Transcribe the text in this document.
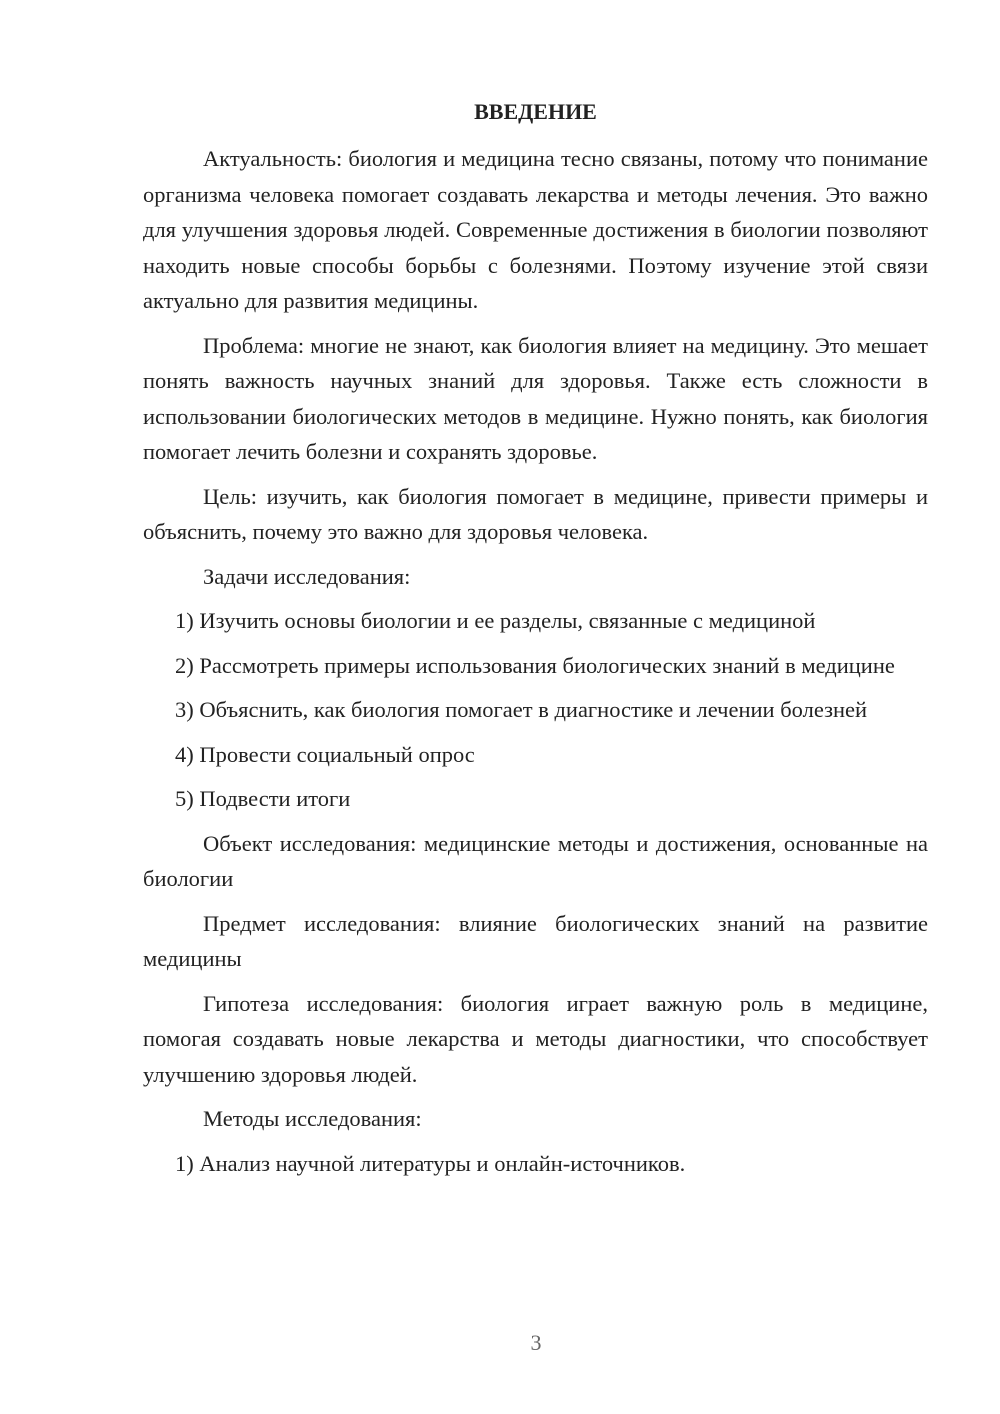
ВВЕДЕНИЕ

Актуальность: биология и медицина тесно связаны, потому что понимание организма человека помогает создавать лекарства и методы лечения. Это важно для улучшения здоровья людей. Современные достижения в биологии позволяют находить новые способы борьбы с болезнями. Поэтому изучение этой связи актуально для развития медицины.

Проблема: многие не знают, как биология влияет на медицину. Это мешает понять важность научных знаний для здоровья. Также есть сложности в использовании биологических методов в медицине. Нужно понять, как биология помогает лечить болезни и сохранять здоровье.

Цель: изучить, как биология помогает в медицине, привести примеры и объяснить, почему это важно для здоровья человека.

Задачи исследования:

1) Изучить основы биологии и ее разделы, связанные с медициной

2) Рассмотреть примеры использования биологических знаний в медицине

3) Объяснить, как биология помогает в диагностике и лечении болезней

4) Провести социальный опрос

5) Подвести итоги

Объект исследования: медицинские методы и достижения, основанные на биологии

Предмет исследования: влияние биологических знаний на развитие медицины

Гипотеза исследования: биология играет важную роль в медицине, помогая создавать новые лекарства и методы диагностики, что способствует улучшению здоровья людей.

Методы исследования:

1) Анализ научной литературы и онлайн-источников.

3
